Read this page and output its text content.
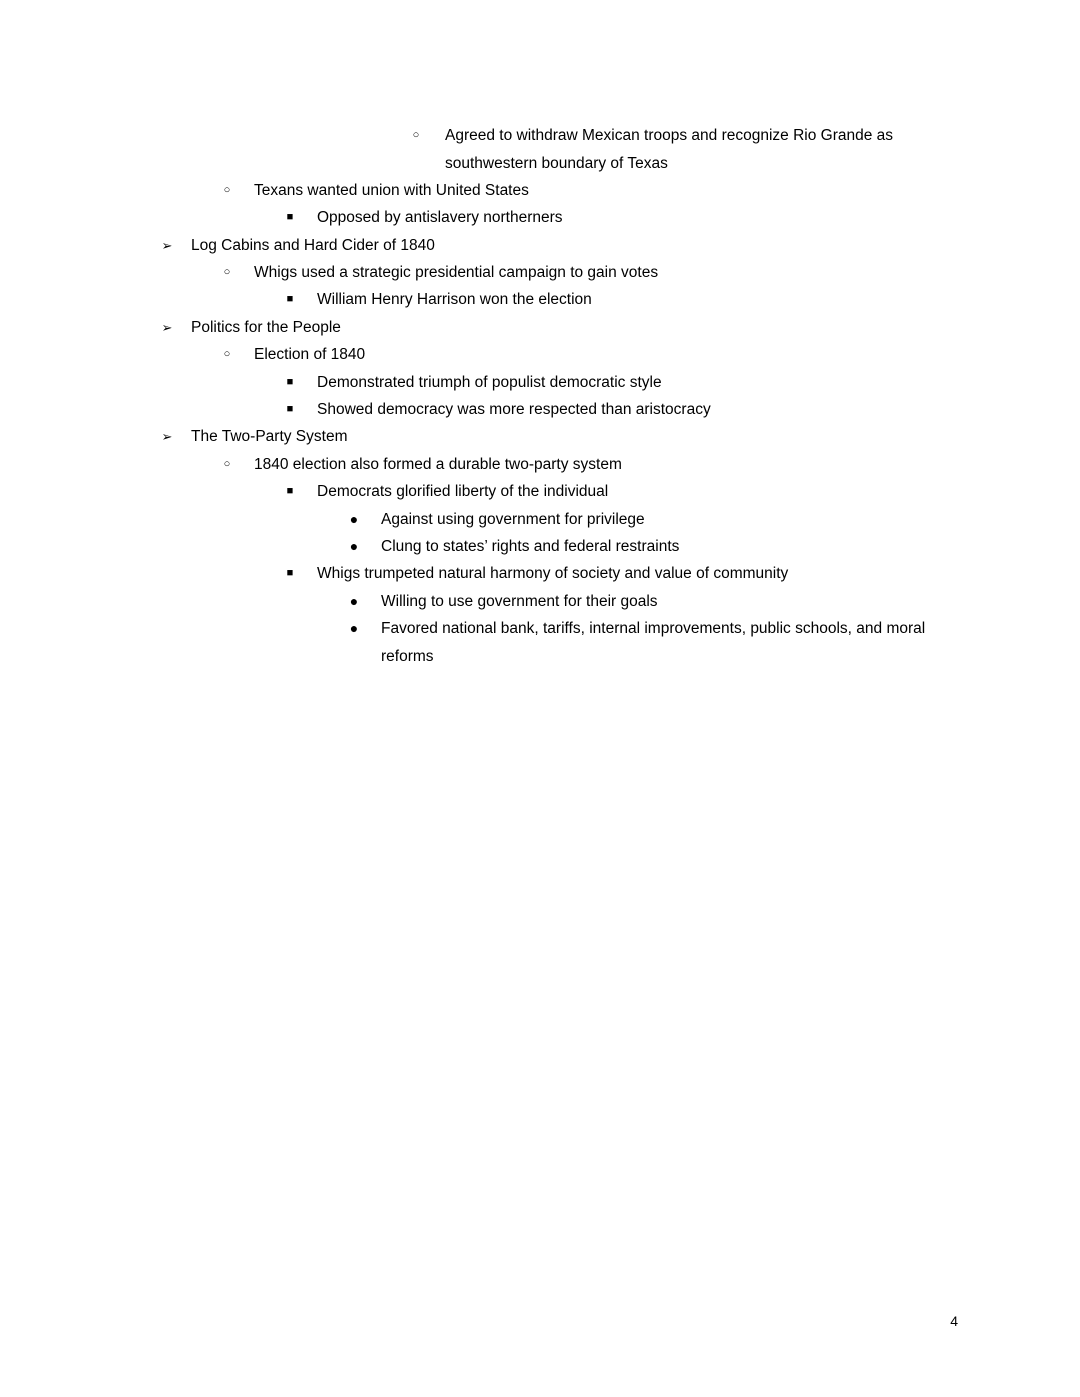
○	Agreed to withdraw Mexican troops and recognize Rio Grande as
southwestern boundary of Texas
○	Texans wanted union with United States
■	Opposed by antislavery northerners
➢ Log Cabins and Hard Cider of 1840
○	Whigs used a strategic presidential campaign to gain votes
■	William Henry Harrison won the election
➢ Politics for the People
○	Election of 1840
■	Demonstrated triumph of populist democratic style
■	Showed democracy was more respected than aristocracy
➢ The Two-Party System
○	1840 election also formed a durable two-party system
■	Democrats glorified liberty of the individual
● Against using government for privilege
● Clung to states’ rights and federal restraints
■	Whigs trumpeted natural harmony of society and value of community
● Willing to use government for their goals
● Favored national bank, tariffs, internal improvements, public schools, and moral
reforms
4
